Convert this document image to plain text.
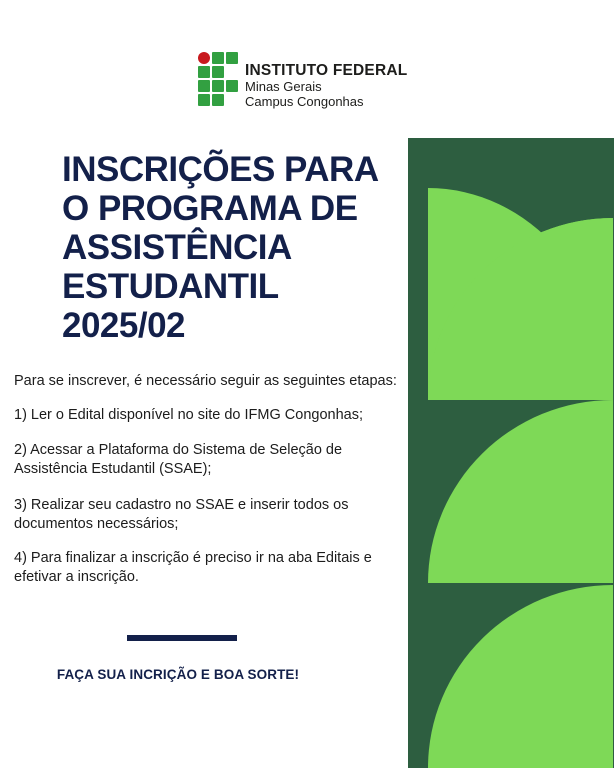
INSTITUTO FEDERAL
Minas Gerais
Campus Congonhas
INSCRIÇÕES PARA
O PROGRAMA DE
ASSISTÊNCIA
ESTUDANTIL
2025/02

Para se inscrever, é necessário seguir as seguintes etapas:

1) Ler o Edital disponível no site do IFMG Congonhas;
2) Acessar a Plataforma do Sistema de Seleção de
Assistência Estudantil (SSAE);
3) Realizar seu cadastro no SSAE e inserir todos os
documentos necessários;
4) Para finalizar a inscrição é preciso ir na aba Editais e
efetivar a inscrição.
FAÇA SUA INCRIÇÃO E BOA SORTE!
